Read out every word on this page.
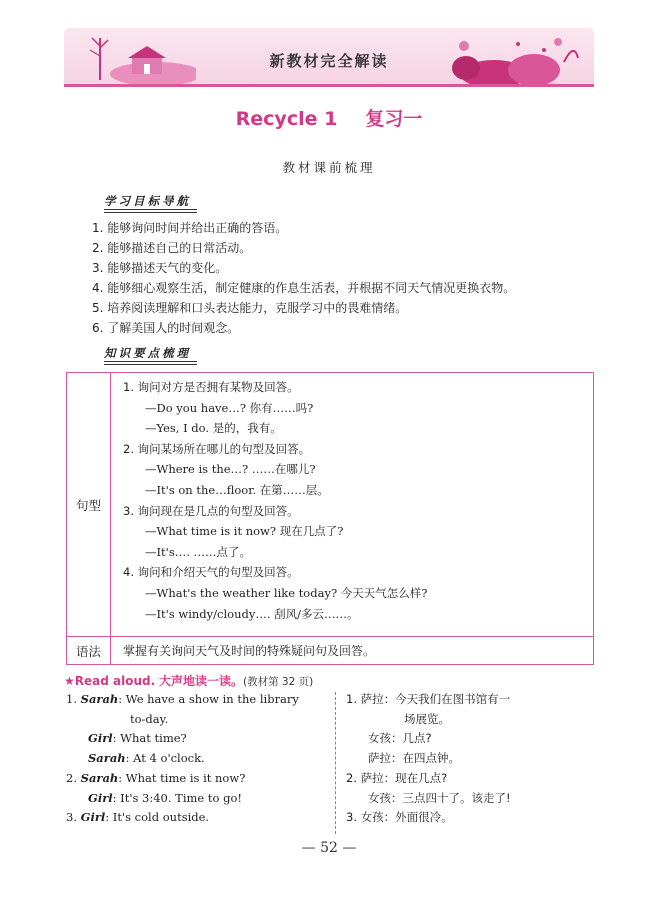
新教材完全解读
Recycle 1 复习一
教材课前梳理
学习目标导航
1. 能够询问时间并给出正确的答语。
2. 能够描述自己的日常活动。
3. 能够描述天气的变化。
4. 能够细心观察生活，制定健康的作息生活表，并根据不同天气情况更换衣物。
5. 培养阅读理解和口头表达能力，克服学习中的畏难情绪。
6. 了解美国人的时间观念。
知识要点梳理
句型
1. 询问对方是否拥有某物及回答。
—Do you have…? 你有……吗?
—Yes, I do. 是的，我有。
2. 询问某场所在哪儿的句型及回答。
—Where is the…? ……在哪儿?
—It's on the…floor. 在第……层。
3. 询问现在是几点的句型及回答。
—What time is it now? 现在几点了?
—It's…. ……点了。
4. 询问和介绍天气的句型及回答。
—What's the weather like today? 今天天气怎么样?
—It's windy/cloudy…. 刮风/多云……。
语法	掌握有关询问天气及时间的特殊疑问句及回答。
★Read aloud. 大声地读一读。(教材第 32 页)
1. Sarah: We have a show in the library
to-day.
Girl: What time?
Sarah: At 4 o'clock.
2. Sarah: What time is it now?
Girl: It's 3:40. Time to go!
3. Girl: It's cold outside.
1. 萨拉：今天我们在图书馆有一
场展览。
女孩：几点?
萨拉：在四点钟。
2. 萨拉：现在几点?
女孩：三点四十了。该走了!
3. 女孩：外面很冷。
— 52 —
